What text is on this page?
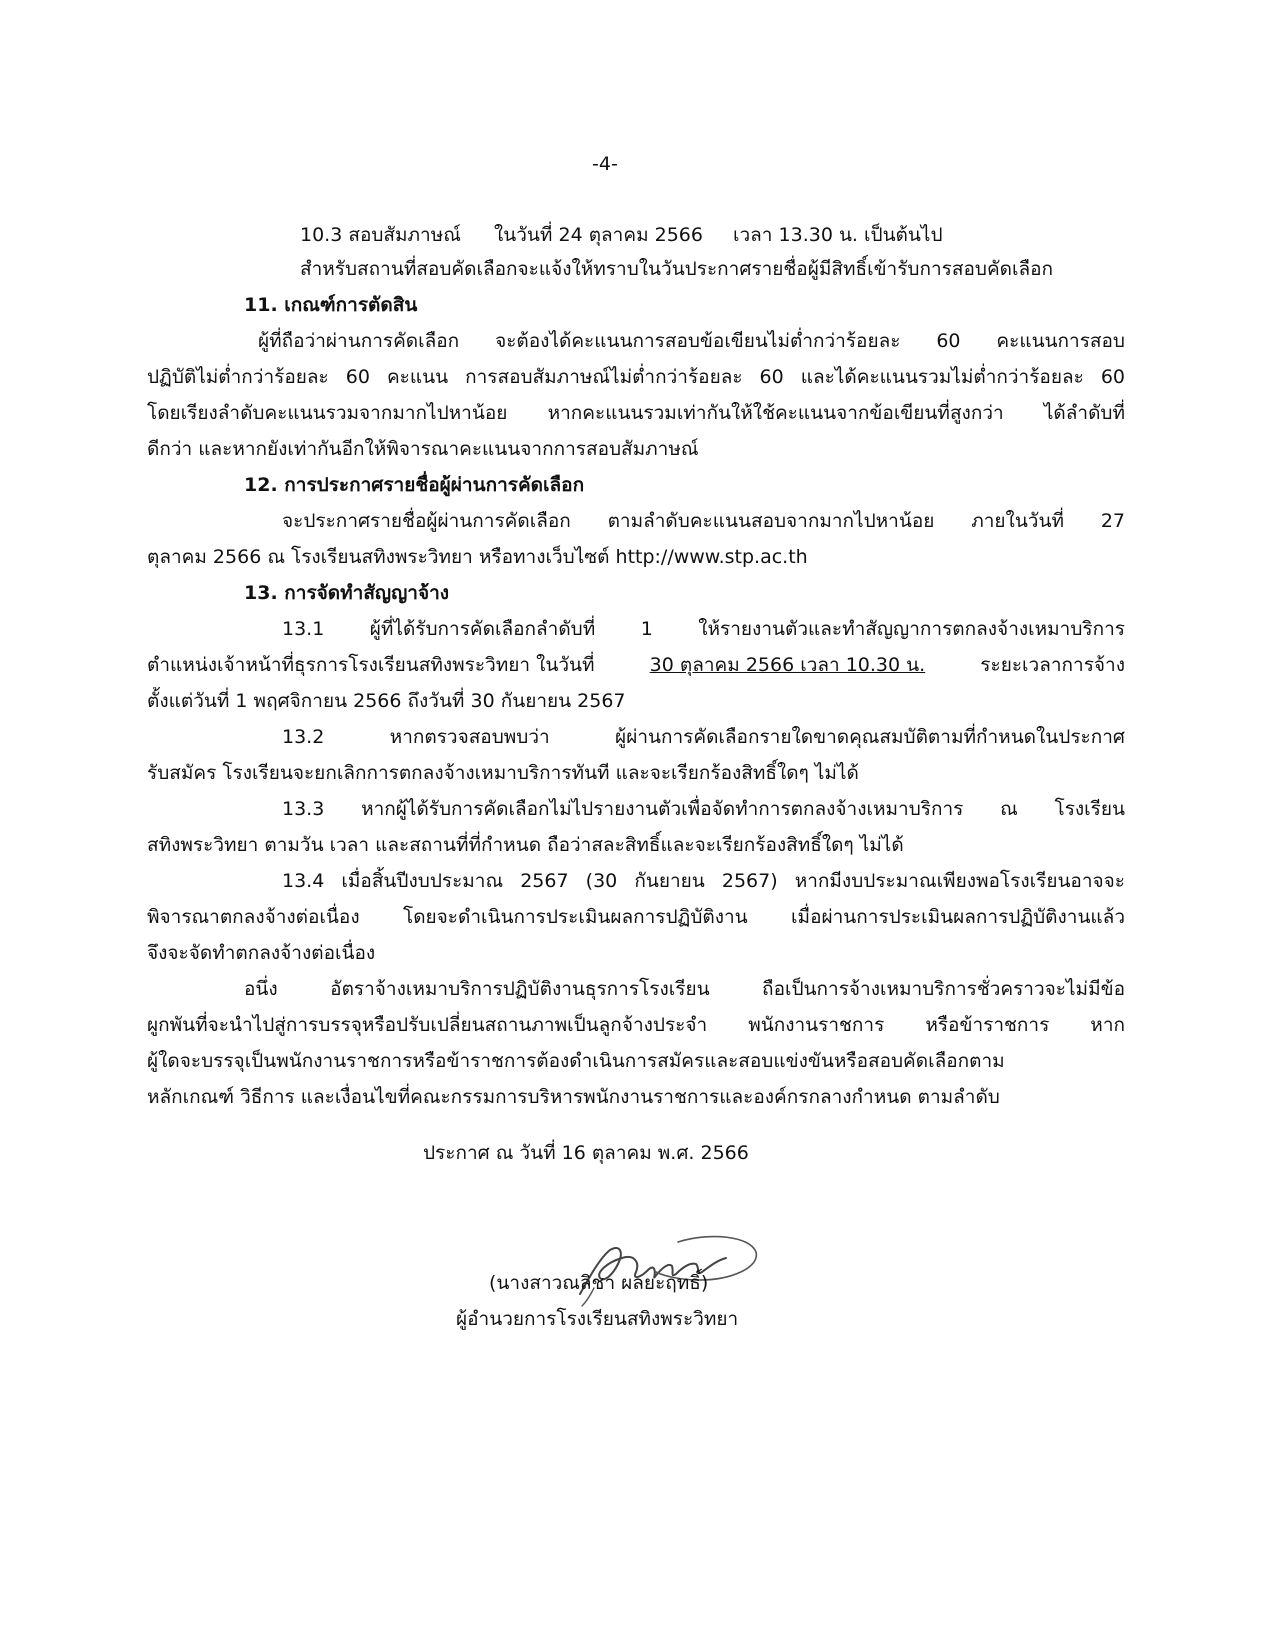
-4-
10.3 สอบสัมภาษณ์ ในวันที่ 24 ตุลาคม 2566 เวลา 13.30 น. เป็นต้นไป
สำหรับสถานที่สอบคัดเลือกจะแจ้งให้ทราบในวันประกาศรายชื่อผู้มีสิทธิ์เข้ารับการสอบคัดเลือก
11. เกณฑ์การตัดสิน
ผู้ที่ถือว่าผ่านการคัดเลือก จะต้องได้คะแนนการสอบข้อเขียนไม่ต่ำกว่าร้อยละ 60 คะแนนการสอบ
ปฏิบัติไม่ต่ำกว่าร้อยละ 60 คะแนน การสอบสัมภาษณ์ไม่ต่ำกว่าร้อยละ 60 และได้คะแนนรวมไม่ต่ำกว่าร้อยละ 60
โดยเรียงลำดับคะแนนรวมจากมากไปหาน้อย หากคะแนนรวมเท่ากันให้ใช้คะแนนจากข้อเขียนที่สูงกว่า ได้ลำดับที่
ดีกว่า และหากยังเท่ากันอีกให้พิจารณาคะแนนจากการสอบสัมภาษณ์
12. การประกาศรายชื่อผู้ผ่านการคัดเลือก
จะประกาศรายชื่อผู้ผ่านการคัดเลือก ตามลำดับคะแนนสอบจากมากไปหาน้อย ภายในวันที่ 27
ตุลาคม 2566 ณ โรงเรียนสทิงพระวิทยา หรือทางเว็บไซต์ http://www.stp.ac.th
13. การจัดทำสัญญาจ้าง
13.1 ผู้ที่ได้รับการคัดเลือกลำดับที่ 1 ให้รายงานตัวและทำสัญญาการตกลงจ้างเหมาบริการ
ตำแหน่งเจ้าหน้าที่ธุรการโรงเรียนสทิงพระวิทยา ในวันที่	30 ตุลาคม 2566 เวลา 10.30 น.	ระยะเวลาการจ้าง
ตั้งแต่วันที่ 1 พฤศจิกายน 2566 ถึงวันที่ 30 กันยายน 2567
13.2 หากตรวจสอบพบว่า ผู้ผ่านการคัดเลือกรายใดขาดคุณสมบัติตามที่กำหนดในประกาศ
รับสมัคร โรงเรียนจะยกเลิกการตกลงจ้างเหมาบริการทันที และจะเรียกร้องสิทธิ์ใดๆ ไม่ได้
13.3 หากผู้ได้รับการคัดเลือกไม่ไปรายงานตัวเพื่อจัดทำการตกลงจ้างเหมาบริการ ณ โรงเรียน
สทิงพระวิทยา ตามวัน เวลา และสถานที่ที่กำหนด ถือว่าสละสิทธิ์และจะเรียกร้องสิทธิ์ใดๆ ไม่ได้
13.4 เมื่อสิ้นปีงบประมาณ 2567 (30 กันยายน 2567) หากมีงบประมาณเพียงพอโรงเรียนอาจจะ
พิจารณาตกลงจ้างต่อเนื่อง โดยจะดำเนินการประเมินผลการปฏิบัติงาน เมื่อผ่านการประเมินผลการปฏิบัติงานแล้ว
จึงจะจัดทำตกลงจ้างต่อเนื่อง
อนึ่ง อัตราจ้างเหมาบริการปฏิบัติงานธุรการโรงเรียน ถือเป็นการจ้างเหมาบริการชั่วคราวจะไม่มีข้อ
ผูกพันที่จะนำไปสู่การบรรจุหรือปรับเปลี่ยนสถานภาพเป็นลูกจ้างประจำ พนักงานราชการ หรือข้าราชการ หาก
ผู้ใดจะบรรจุเป็นพนักงานราชการหรือข้าราชการต้องดำเนินการสมัครและสอบแข่งขันหรือสอบคัดเลือกตาม
หลักเกณฑ์ วิธีการ และเงื่อนไขที่คณะกรรมการบริหารพนักงานราชการและองค์กรกลางกำหนด ตามลำดับ
ประกาศ ณ วันที่ 16 ตุลาคม พ.ศ. 2566
(นางสาวณลิชา ผลยะฤทธิ์)
ผู้อำนวยการโรงเรียนสทิงพระวิทยา
